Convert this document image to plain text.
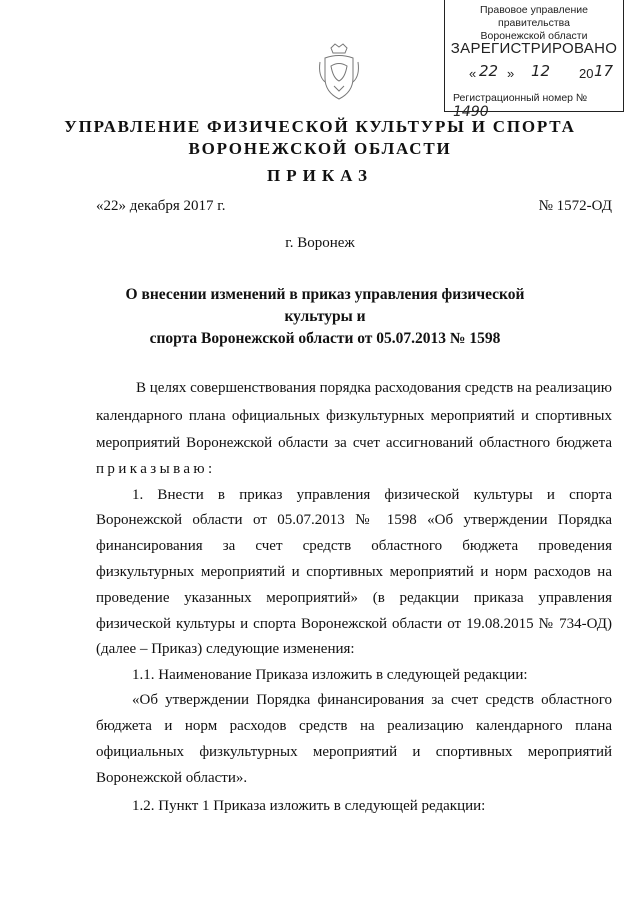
Правовое управление правительства
Воронежской области
ЗАРЕГИСТРИРОВАНО
« 22 » 12 20 17
Регистрационный номер № 1490
УПРАВЛЕНИЕ ФИЗИЧЕСКОЙ КУЛЬТУРЫ И СПОРТА
ВОРОНЕЖСКОЙ ОБЛАСТИ
ПРИКАЗ
«22» декабря 2017 г.	№ 1572-ОД
г. Воронеж
О внесении изменений в приказ управления физической культуры и
спорта Воронежской области от 05.07.2013 № 1598
В целях совершенствования порядка расходования средств на реализацию
календарного плана официальных физкультурных мероприятий и спортивных
мероприятий Воронежской области за счет ассигнований областного бюджета
приказываю:
1. Внести в приказ управления физической культуры и спорта
Воронежской области от 05.07.2013 № 1598 «Об утверждении Порядка
финансирования за счет средств областного бюджета проведения
физкультурных мероприятий и спортивных мероприятий и норм расходов на
проведение указанных мероприятий» (в редакции приказа управления
физической культуры и спорта Воронежской области от 19.08.2015 № 734-ОД)
(далее – Приказ) следующие изменения:
1.1. Наименование Приказа изложить в следующей редакции:
«Об утверждении Порядка финансирования за счет средств областного
бюджета и норм расходов средств на реализацию календарного плана
официальных физкультурных мероприятий и спортивных мероприятий
Воронежской области».
1.2. Пункт 1 Приказа изложить в следующей редакции:
